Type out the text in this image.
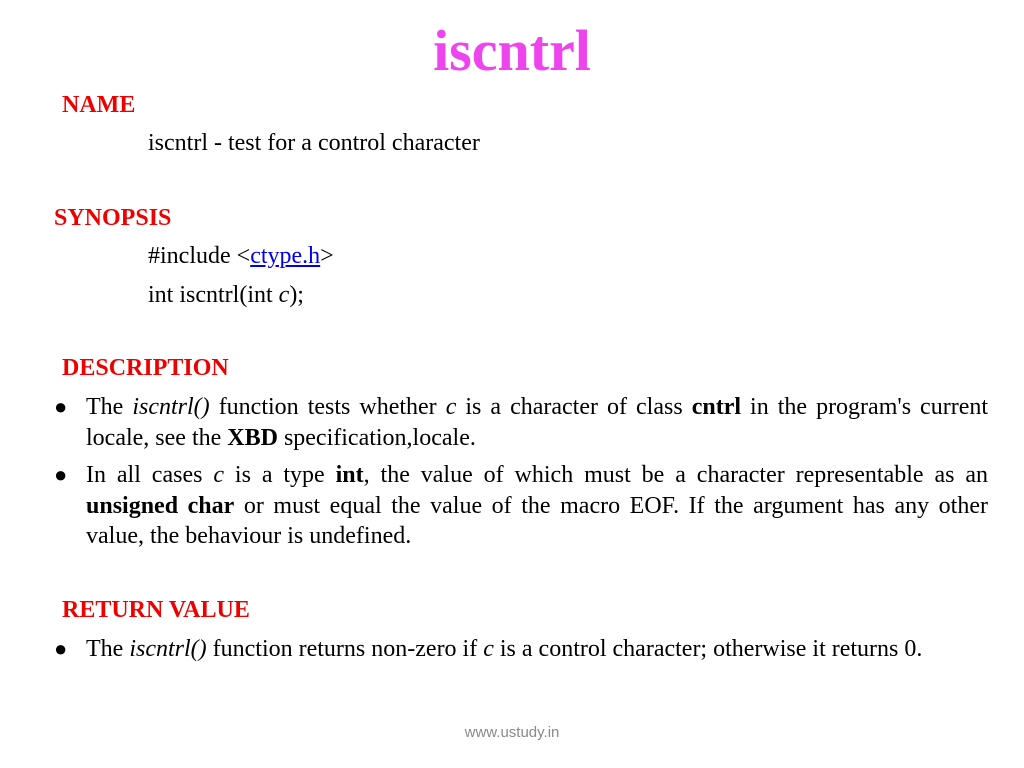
iscntrl
NAME
iscntrl - test for a control character
SYNOPSIS
#include <ctype.h>
int iscntrl(int c);
DESCRIPTION
● The iscntrl() function tests whether c is a character of class cntrl in the program's current locale, see the XBD specification,locale.
● In all cases c is a type int, the value of which must be a character representable as an unsigned char or must equal the value of the macro EOF. If the argument has any other value, the behaviour is undefined.
RETURN VALUE
● The iscntrl() function returns non-zero if c is a control character; otherwise it returns 0.
www.ustudy.in
